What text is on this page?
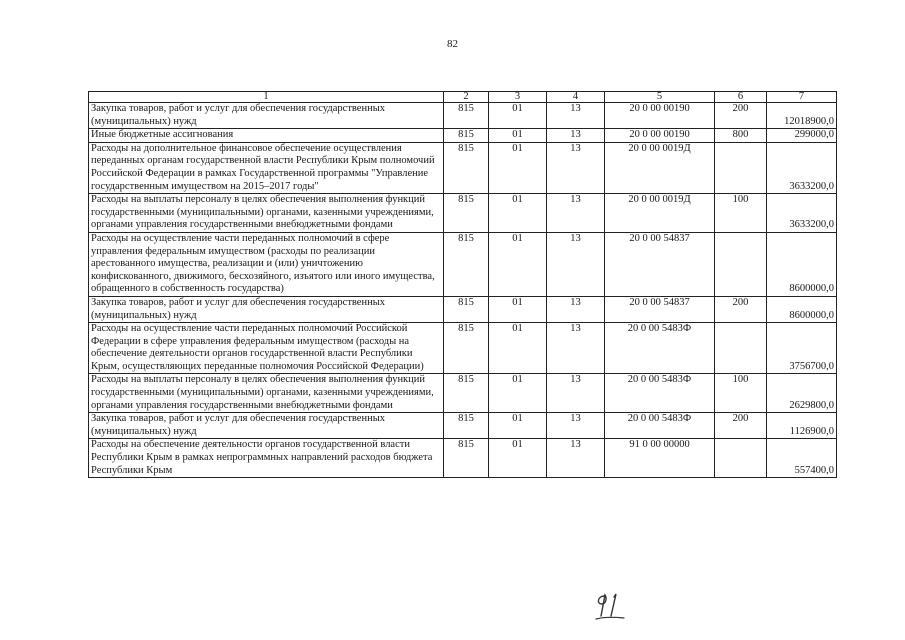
82
1	2	3	4	5	6	7
Закупка товаров, работ и услуг для обеспечения государственных (муниципальных) нужд	815	01	13	20 0 00 00190	200	12018900,0
Иные бюджетные ассигнования	815	01	13	20 0 00 00190	800	299000,0
Расходы на дополнительное финансовое обеспечение осуществления переданных органам государственной власти Республики Крым полномочий Российской Федерации в рамках Государственной программы "Управление государственным имуществом на 2015–2017 годы"	815	01	13	20 0 00 0019Д		3633200,0
Расходы на выплаты персоналу в целях обеспечения выполнения функций государственными (муниципальными) органами, казенными учреждениями, органами управления государственными внебюджетными фондами	815	01	13	20 0 00 0019Д	100	3633200,0
Расходы на осуществление части переданных полномочий в сфере управления федеральным имуществом (расходы по реализации арестованного имущества, реализации и (или) уничтожению конфискованного, движимого, бесхозяйного, изъятого или иного имущества, обращенного в собственность государства)	815	01	13	20 0 00 54837		8600000,0
Закупка товаров, работ и услуг для обеспечения государственных (муниципальных) нужд	815	01	13	20 0 00 54837	200	8600000,0
Расходы на осуществление части переданных полномочий Российской Федерации в сфере управления федеральным имуществом (расходы на обеспечение деятельности органов государственной власти Республики Крым, осуществляющих переданные полномочия Российской Федерации)	815	01	13	20 0 00 5483Ф		3756700,0
Расходы на выплаты персоналу в целях обеспечения выполнения функций государственными (муниципальными) органами, казенными учреждениями, органами управления государственными внебюджетными фондами	815	01	13	20 0 00 5483Ф	100	2629800,0
Закупка товаров, работ и услуг для обеспечения государственных (муниципальных) нужд	815	01	13	20 0 00 5483Ф	200	1126900,0
Расходы на обеспечение деятельности органов государственной власти Республики Крым в рамках непрограммных направлений расходов бюджета Республики Крым	815	01	13	91 0 00 00000		557400,0
